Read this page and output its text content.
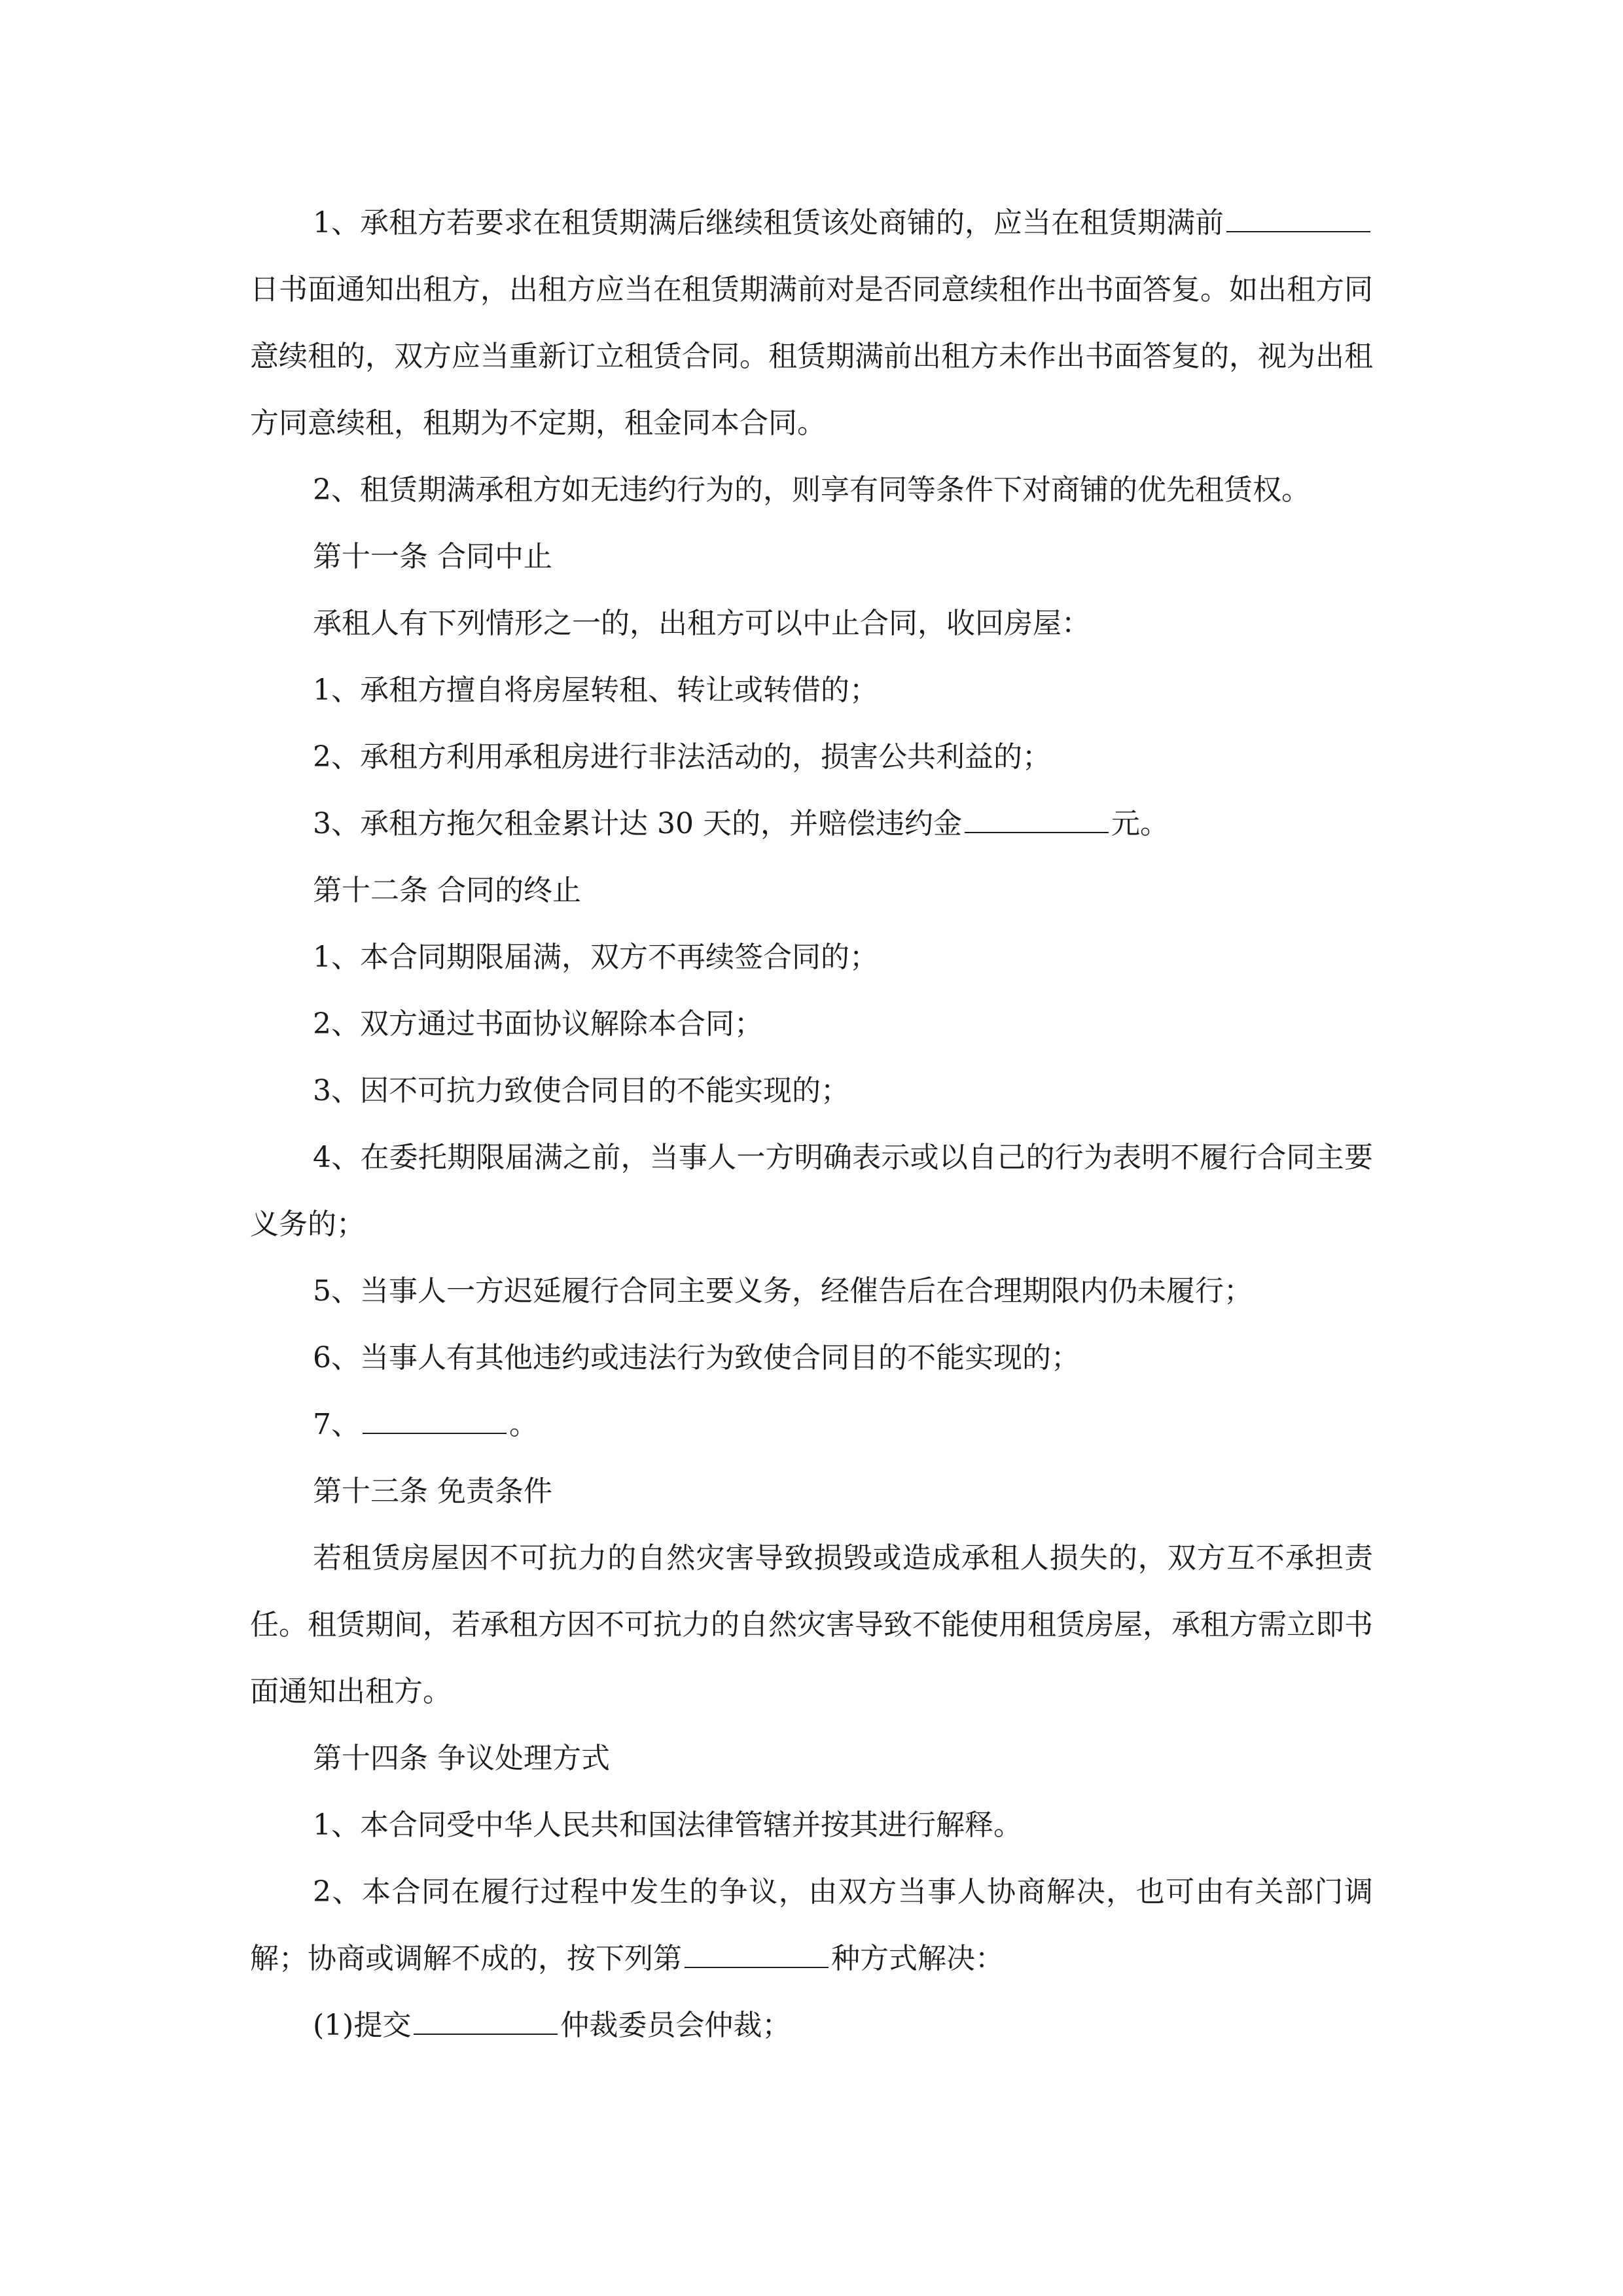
1、承租方若要求在租赁期满后继续租赁该处商铺的，应当在租赁期满前日书面通知出租方，出租方应当在租赁期满前对是否同意续租作出书面答复。如出租方同意续租的，双方应当重新订立租赁合同。租赁期满前出租方未作出书面答复的，视为出租方同意续租，租期为不定期，租金同本合同。

2、租赁期满承租方如无违约行为的，则享有同等条件下对商铺的优先租赁权。

第十一条 合同中止

承租人有下列情形之一的，出租方可以中止合同，收回房屋：

1、承租方擅自将房屋转租、转让或转借的；

2、承租方利用承租房进行非法活动的，损害公共利益的；

3、承租方拖欠租金累计达 30 天的，并赔偿违约金	元。

第十二条 合同的终止

1、本合同期限届满，双方不再续签合同的；

2、双方通过书面协议解除本合同；

3、因不可抗力致使合同目的不能实现的；

4、在委托期限届满之前，当事人一方明确表示或以自己的行为表明不履行合同主要义务的；

5、当事人一方迟延履行合同主要义务，经催告后在合理期限内仍未履行；

6、当事人有其他违约或违法行为致使合同目的不能实现的；

7、	。

第十三条 免责条件

若租赁房屋因不可抗力的自然灾害导致损毁或造成承租人损失的，双方互不承担责任。租赁期间，若承租方因不可抗力的自然灾害导致不能使用租赁房屋，承租方需立即书面通知出租方。

第十四条 争议处理方式

1、本合同受中华人民共和国法律管辖并按其进行解释。

2、本合同在履行过程中发生的争议，由双方当事人协商解决，也可由有关部门调解；协商或调解不成的，按下列第	种方式解决：

(1)提交	仲裁委员会仲裁；
